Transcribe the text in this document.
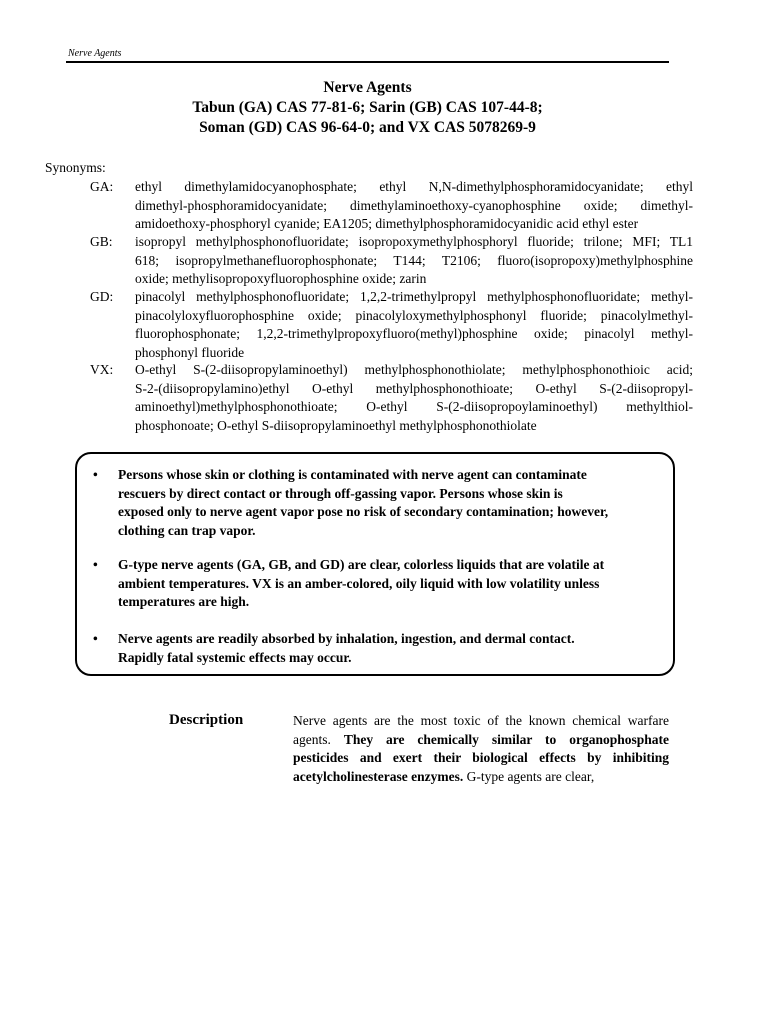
Nerve Agents
Nerve Agents
Tabun (GA) CAS 77-81-6; Sarin (GB) CAS 107-44-8;
Soman (GD) CAS 96-64-0; and VX CAS 5078269-9
Synonyms:
GA:	ethyl dimethylamidocyanophosphate; ethyl N,N-dimethylphosphoramidocyanidate; ethyl
dimethyl-phosphoramidocyanidate; dimethylaminoethoxy-cyanophosphine oxide; dimethyl-
amidoethoxy-phosphoryl cyanide; EA1205; dimethylphosphoramidocyanidic acid ethyl ester
GB:	isopropyl methylphosphonofluoridate; isopropoxymethylphosphoryl fluoride; trilone; MFI; TL1
618; isopropylmethanefluorophosphonate; T144; T2106; fluoro(isopropoxy)methylphosphine
oxide; methylisopropoxyfluorophosphine oxide; zarin
GD:	pinacolyl methylphosphonofluoridate; 1,2,2-trimethylpropyl methylphosphonofluoridate; methyl-
pinacolyloxyfluorophosphine oxide; pinacolyloxymethylphosphonyl fluoride; pinacolylmethyl-
fluorophosphonate; 1,2,2-trimethylpropoxyfluoro(methyl)phosphine oxide; pinacolyl methyl-
phosphonyl fluoride
VX:	O-ethyl S-(2-diisopropylaminoethyl) methylphosphonothiolate; methylphosphonothioic acid;
S-2-(diisopropylamino)ethyl O-ethyl methylphosphonothioate; O-ethyl S-(2-diisopropyl-
aminoethyl)methylphosphonothioate; O-ethyl S-(2-diisopropoylaminoethyl) methylthiol-
phosphonoate; O-ethyl S-diisopropylaminoethyl methylphosphonothiolate
• Persons whose skin or clothing is contaminated with nerve agent can contaminate
rescuers by direct contact or through off-gassing vapor. Persons whose skin is
exposed only to nerve agent vapor pose no risk of secondary contamination; however,
clothing can trap vapor.
• G-type nerve agents (GA, GB, and GD) are clear, colorless liquids that are volatile at
ambient temperatures. VX is an amber-colored, oily liquid with low volatility unless
temperatures are high.
• Nerve agents are readily absorbed by inhalation, ingestion, and dermal contact.
Rapidly fatal systemic effects may occur.
Description	Nerve agents are the most toxic of the known chemical warfare
agents. They are chemically similar to organophosphate
pesticides and exert their biological effects by inhibiting
acetylcholinesterase enzymes. G-type agents are clear,
